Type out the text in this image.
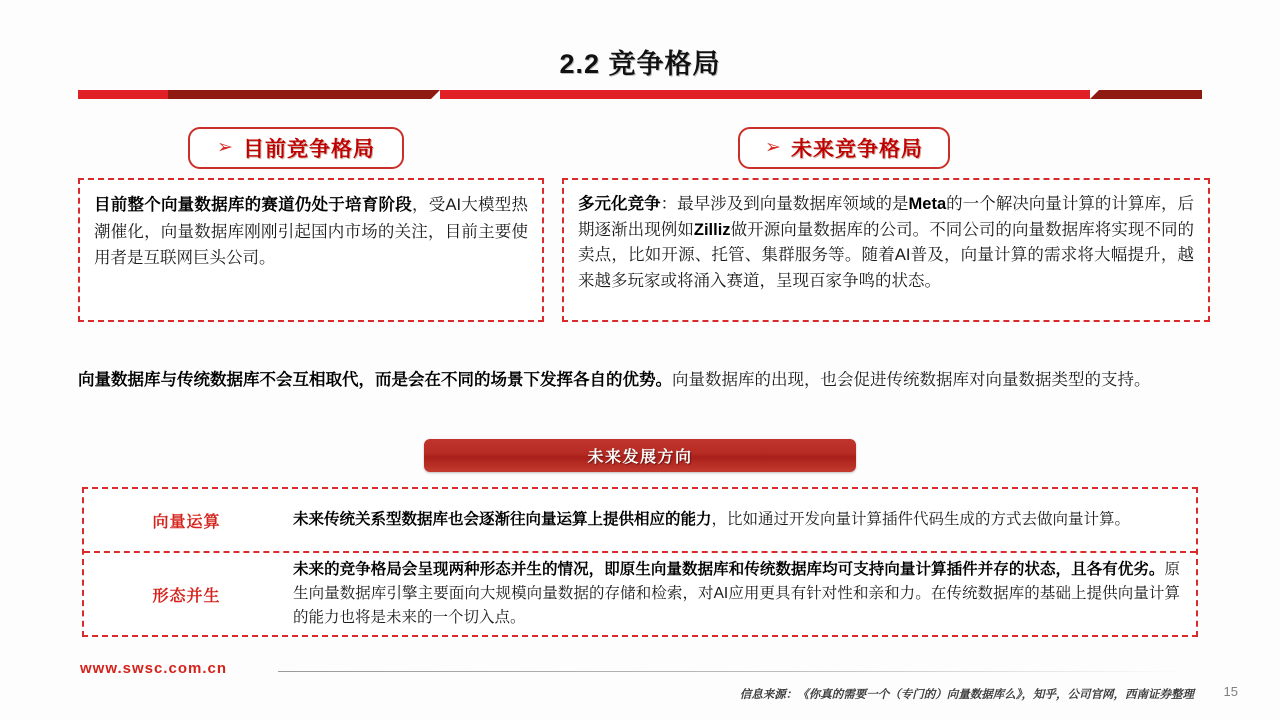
2.2 竞争格局
➢ 目前竞争格局	➢ 未来竞争格局
目前整个向量数据库的赛道仍处于培育阶段，受AI大模型热潮催化，向量数据库刚刚引起国内市场的关注，目前主要使用者是互联网巨头公司。
多元化竞争：最早涉及到向量数据库领域的是Meta的一个解决向量计算的计算库，后期逐渐出现例如Zilliz做开源向量数据库的公司。不同公司的向量数据库将实现不同的卖点，比如开源、托管、集群服务等。随着AI普及，向量计算的需求将大幅提升，越来越多玩家或将涌入赛道，呈现百家争鸣的状态。
向量数据库与传统数据库不会互相取代，而是会在不同的场景下发挥各自的优势。向量数据库的出现，也会促进传统数据库对向量数据类型的支持。
未来发展方向
向量运算	未来传统关系型数据库也会逐渐往向量运算上提供相应的能力，比如通过开发向量计算插件代码生成的方式去做向量计算。
形态并生
未来的竞争格局会呈现两种形态并生的情况，即原生向量数据库和传统数据库均可支持向量计算插件并存的状态，且各有优劣。原生向量数据库引擎主要面向大规模向量数据的存储和检索，对AI应用更具有针对性和亲和力。在传统数据库的基础上提供向量计算的能力也将是未来的一个切入点。
www.swsc.com.cn
信息来源：《你真的需要一个（专门的）向量数据库么》，知乎，公司官网，西南证券整理 15
